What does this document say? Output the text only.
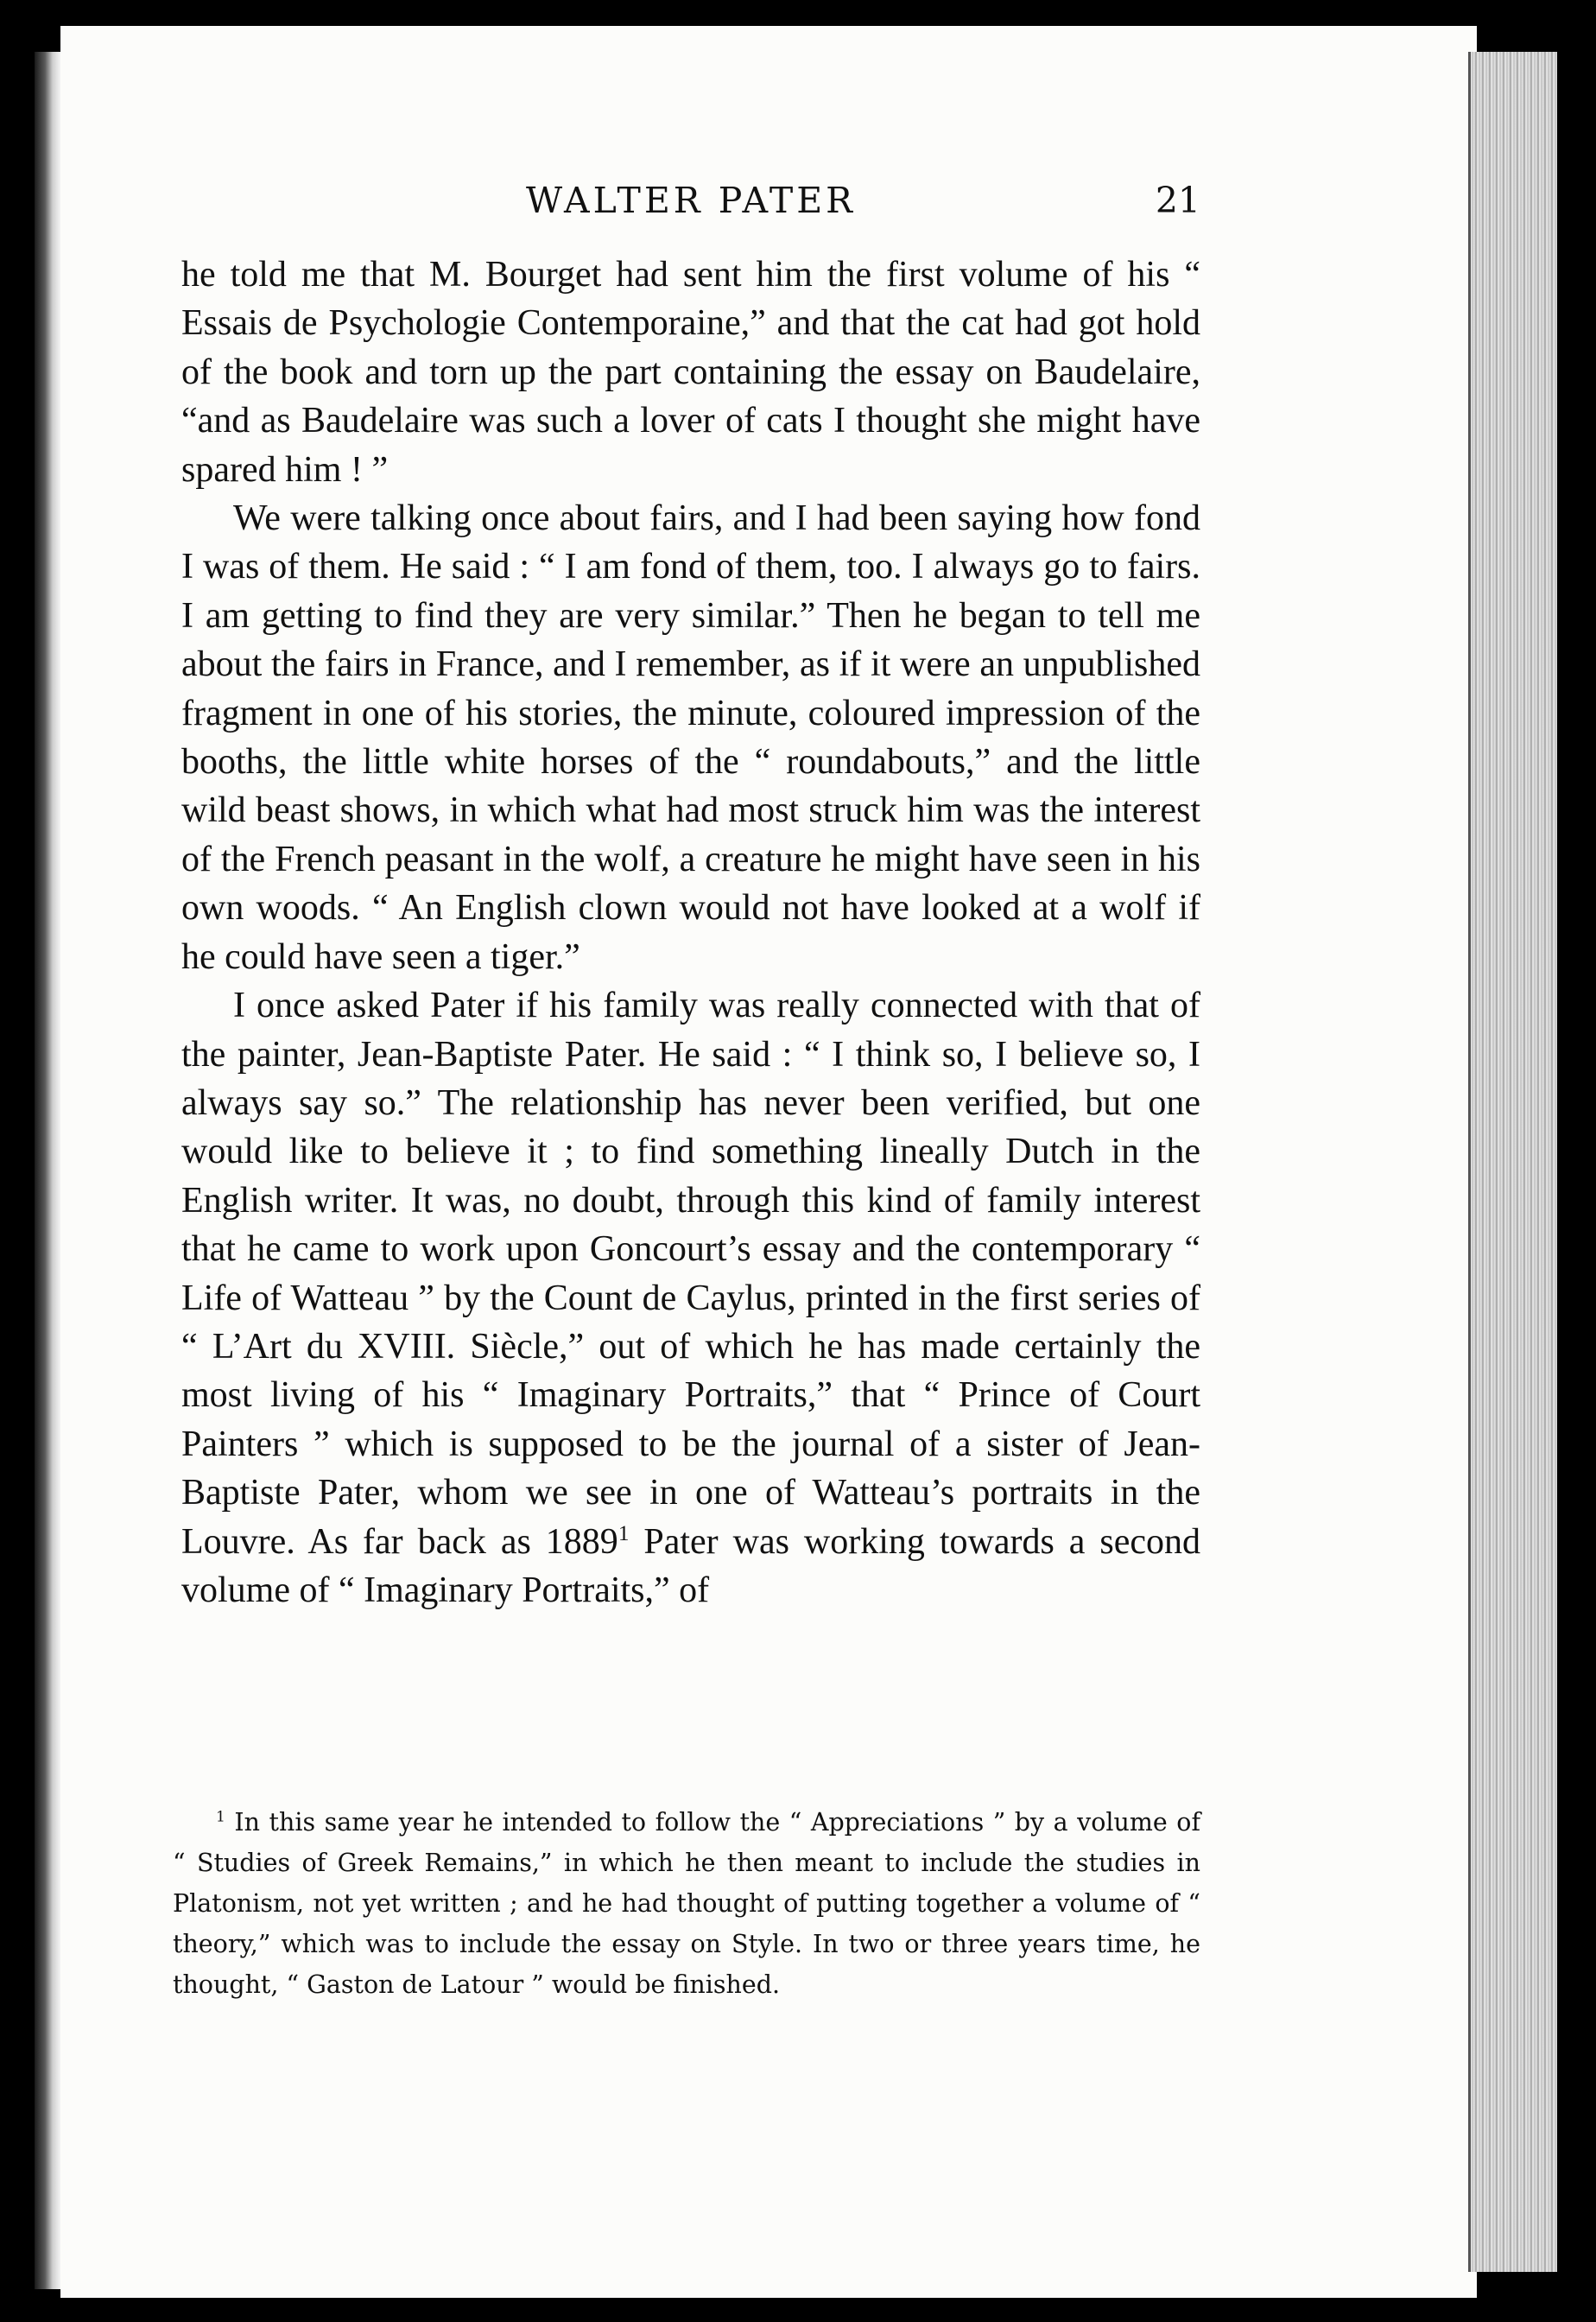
WALTER PATER	21

he told me that M. Bourget had sent him the first volume of his “ Essais de Psychologie Contemporaine,” and that the cat had got hold of the book and torn up the part containing the essay on Baudelaire, “and as Baudelaire was such a lover of cats I thought she might have spared him ! ”

We were talking once about fairs, and I had been saying how fond I was of them. He said : “ I am fond of them, too. I always go to fairs. I am getting to find they are very similar.” Then he began to tell me about the fairs in France, and I remember, as if it were an unpublished fragment in one of his stories, the minute, coloured impression of the booths, the little white horses of the “ roundabouts,” and the little wild beast shows, in which what had most struck him was the interest of the French peasant in the wolf, a creature he might have seen in his own woods. “ An English clown would not have looked at a wolf if he could have seen a tiger.”

I once asked Pater if his family was really connected with that of the painter, Jean-Baptiste Pater. He said : “ I think so, I believe so, I always say so.” The relationship has never been verified, but one would like to believe it ; to find something lineally Dutch in the English writer. It was, no doubt, through this kind of family interest that he came to work upon Goncourt’s essay and the contemporary “ Life of Watteau ” by the Count de Caylus, printed in the first series of “ L’Art du XVIII. Siècle,” out of which he has made certainly the most living of his “ Imaginary Portraits,” that “ Prince of Court Painters ” which is supposed to be the journal of a sister of Jean-Baptiste Pater, whom we see in one of Watteau’s portraits in the Louvre. As far back as 1889$^1$ Pater was working towards a second volume of “ Imaginary Portraits,” of

$^1$ In this same year he intended to follow the “ Appreciations ” by a volume of “ Studies of Greek Remains,” in which he then meant to include the studies in Platonism, not yet written ; and he had thought of putting together a volume of “ theory,” which was to include the essay on Style. In two or three years time, he thought, “ Gaston de Latour ” would be finished.
